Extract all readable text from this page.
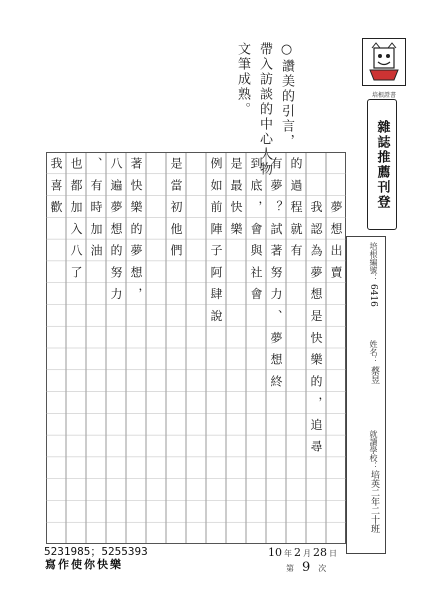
培根證書
雜誌推薦刊登
○讚美的引言，
帶入訪談的中心人物
文筆成熟。
培根編號：
6416
姓名：
蔡昱
就讀學校：
培英二年二十班
　　夢想出賣
　　我認為夢想是快樂的，追尋
的過程就有
有夢？試著努力、夢想終
到底，會與社會
是最快樂
例如前陣子阿肆說
是當初他們
著快樂的夢想，
八遍夢想的努力
、有時加油
也都加入八了
我喜歡
5231985；5255393
寫作使你快樂
10 年 2 月 28 日
第 9 次
